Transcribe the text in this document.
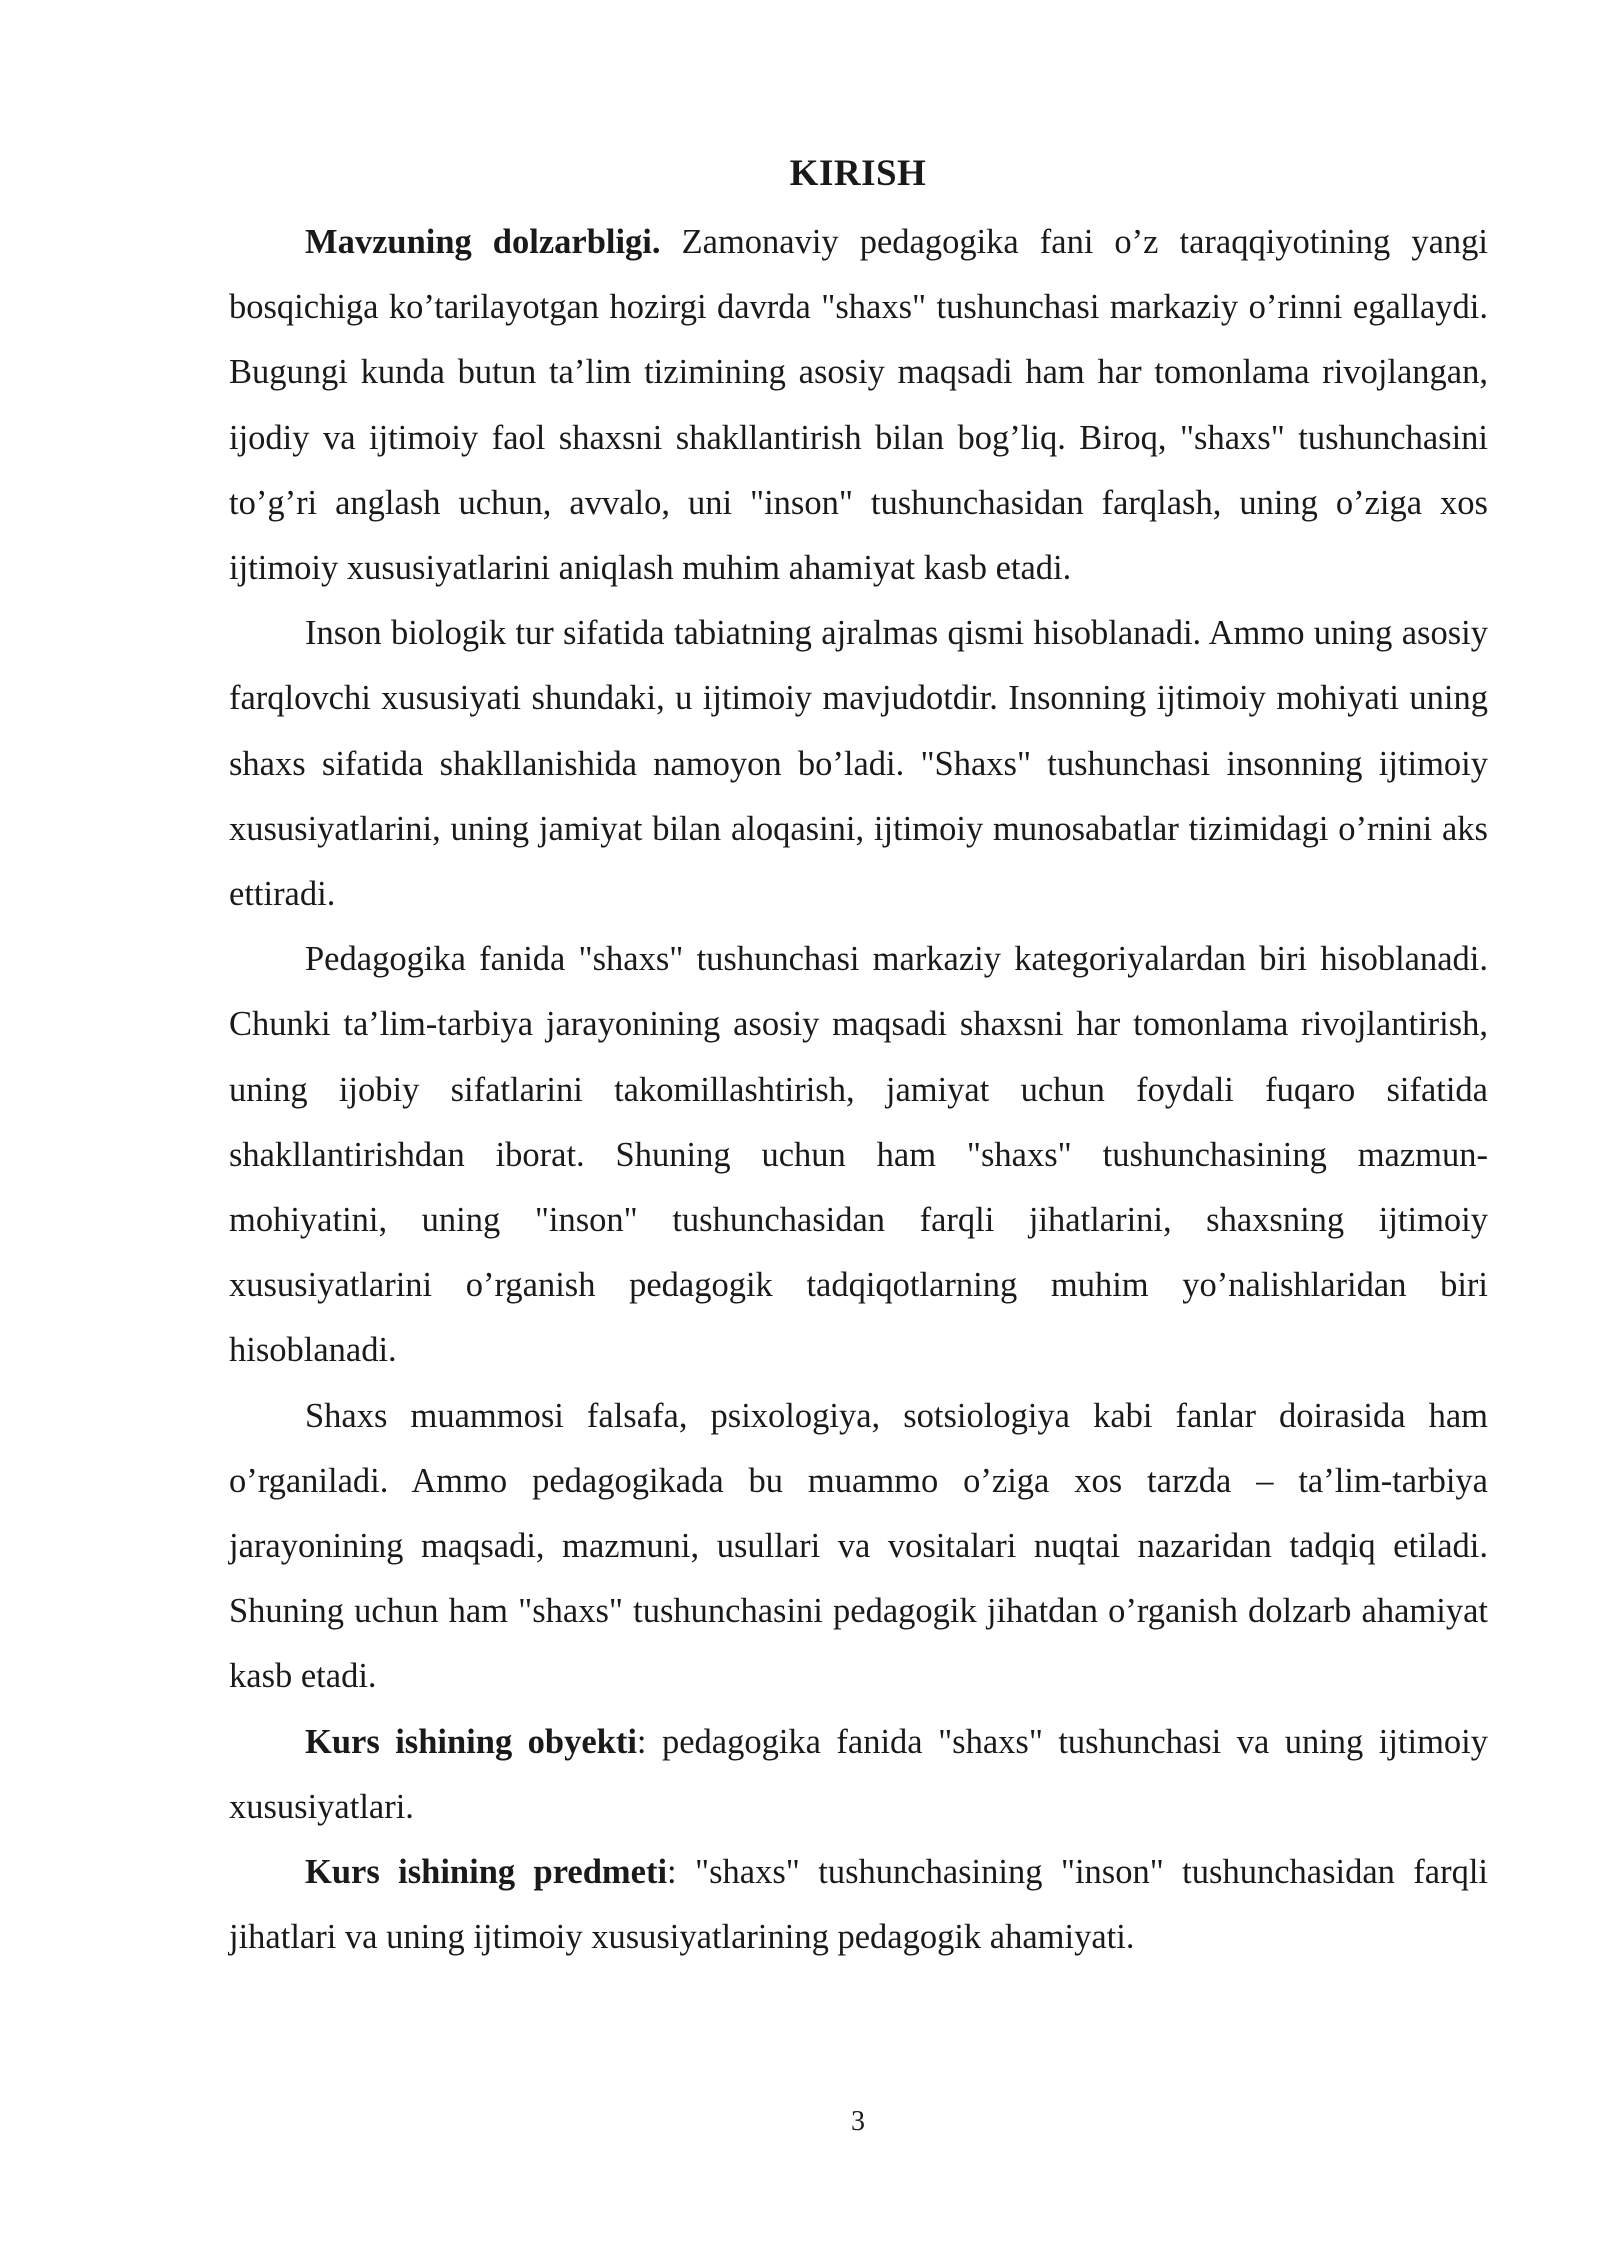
KIRISH

Mavzuning dolzarbligi. Zamonaviy pedagogika fani o’z taraqqiyotining yangi bosqichiga ko’tarilayotgan hozirgi davrda "shaxs" tushunchasi markaziy o’rinni egallaydi. Bugungi kunda butun ta’lim tizimining asosiy maqsadi ham har tomonlama rivojlangan, ijodiy va ijtimoiy faol shaxsni shakllantirish bilan bog’liq. Biroq, "shaxs" tushunchasini to’g’ri anglash uchun, avvalo, uni "inson" tushunchasidan farqlash, uning o’ziga xos ijtimoiy xususiyatlarini aniqlash muhim ahamiyat kasb etadi.

Inson biologik tur sifatida tabiatning ajralmas qismi hisoblanadi. Ammo uning asosiy farqlovchi xususiyati shundaki, u ijtimoiy mavjudotdir. Insonning ijtimoiy mohiyati uning shaxs sifatida shakllanishida namoyon bo’ladi. "Shaxs" tushunchasi insonning ijtimoiy xususiyatlarini, uning jamiyat bilan aloqasini, ijtimoiy munosabatlar tizimidagi o’rnini aks ettiradi.

Pedagogika fanida "shaxs" tushunchasi markaziy kategoriyalardan biri hisoblanadi. Chunki ta’lim-tarbiya jarayonining asosiy maqsadi shaxsni har tomonlama rivojlantirish, uning ijobiy sifatlarini takomillashtirish, jamiyat uchun foydali fuqaro sifatida shakllantirishdan iborat. Shuning uchun ham "shaxs" tushunchasining mazmun-mohiyatini, uning "inson" tushunchasidan farqli jihatlarini, shaxsning ijtimoiy xususiyatlarini o’rganish pedagogik tadqiqotlarning muhim yo’nalishlaridan biri hisoblanadi.

Shaxs muammosi falsafa, psixologiya, sotsiologiya kabi fanlar doirasida ham o’rganiladi. Ammo pedagogikada bu muammo o’ziga xos tarzda – ta’lim-tarbiya jarayonining maqsadi, mazmuni, usullari va vositalari nuqtai nazaridan tadqiq etiladi. Shuning uchun ham "shaxs" tushunchasini pedagogik jihatdan o’rganish dolzarb ahamiyat kasb etadi.

Kurs ishining obyekti: pedagogika fanida "shaxs" tushunchasi va uning ijtimoiy xususiyatlari.

Kurs ishining predmeti: "shaxs" tushunchasining "inson" tushunchasidan farqli jihatlari va uning ijtimoiy xususiyatlarining pedagogik ahamiyati.

3
